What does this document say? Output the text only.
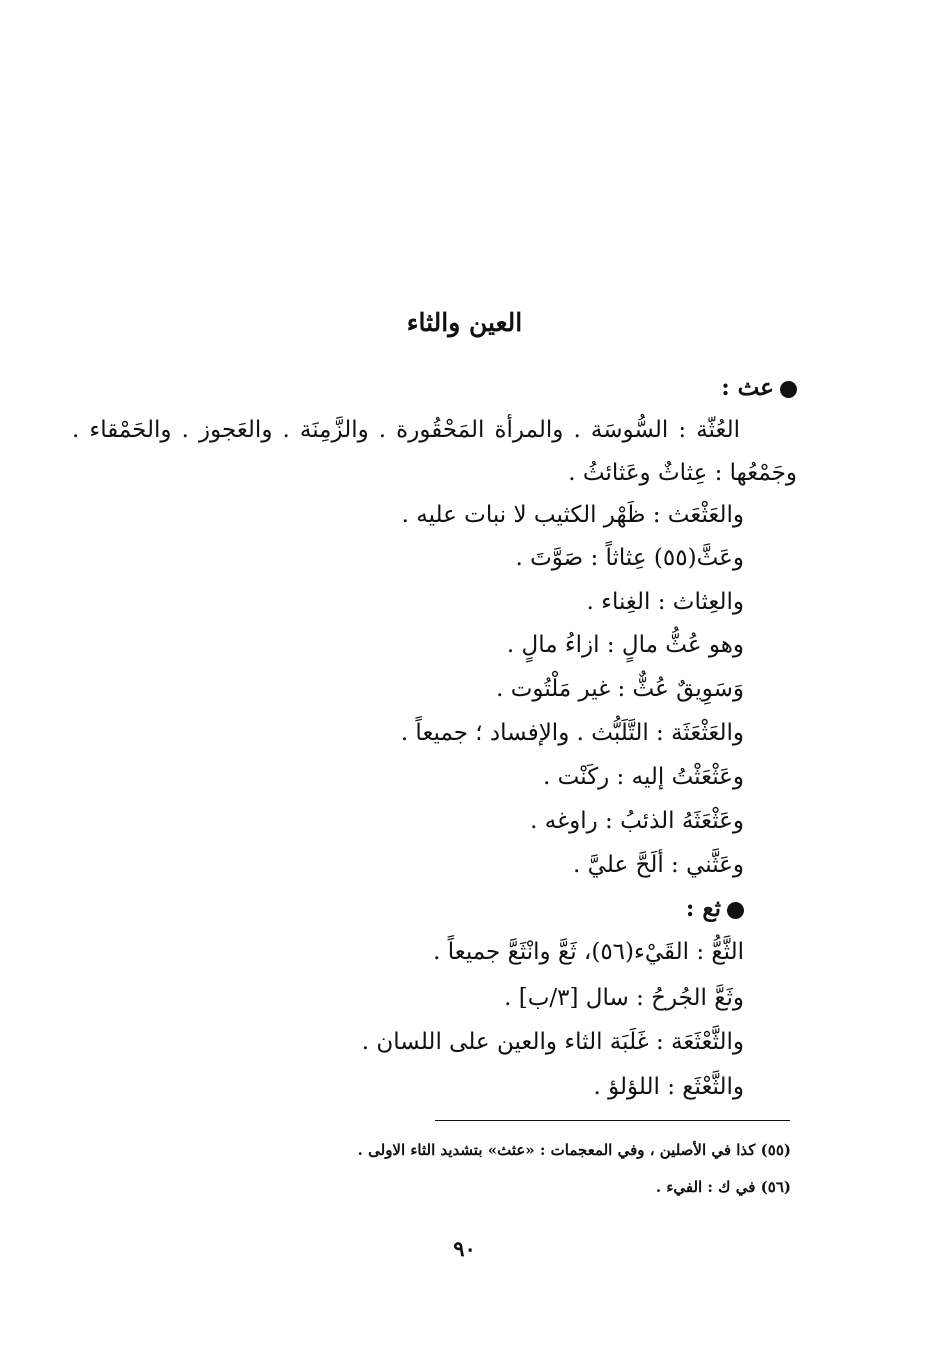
العين والثاء
عث :
العُثّة : السُّوسَة . والمرأة المَحْقُورة . والزَّمِنَة . والعَجوز . والحَمْقاء .
وجَمْعُها : عِثاثٌ وعَثائثُ .
والعَثْعَث : ظَهْر الكثيب لا نبات عليه .
وعَثَّ(٥٥) عِثاثاً : صَوَّتَ .
والعِثاث : الغِناء .
وهو عُثُّ مالٍ : ازاءُ مالٍ .
وَسَوِيقٌ عُثٌّ : غير مَلْتُوت .
والعَثْعَثَة : التَّلَبُّث . والإفساد ؛ جميعاً .
وعَثْعَثْتُ إليه : ركَنْت .
وعَثْعَثَهُ الذئبُ : راوغه .
وعَثَّني : ألَحَّ عليَّ .
ثع :
الثَّعُّ : القَيْء(٥٦)، ثَعَّ وانْثَعَّ جميعاً .
وثَعَّ الجُرحُ : سال [٣/ب] .
والثَّعْثَعَة : غَلَبَة الثاء والعين على اللسان .
والثَّعْثَع : اللؤلؤ .
(٥٥) كذا في الأصلين ، وفي المعجمات : «عثث» بتشديد الثاء الاولى .
(٥٦) في ك : الفيء .
٩٠
